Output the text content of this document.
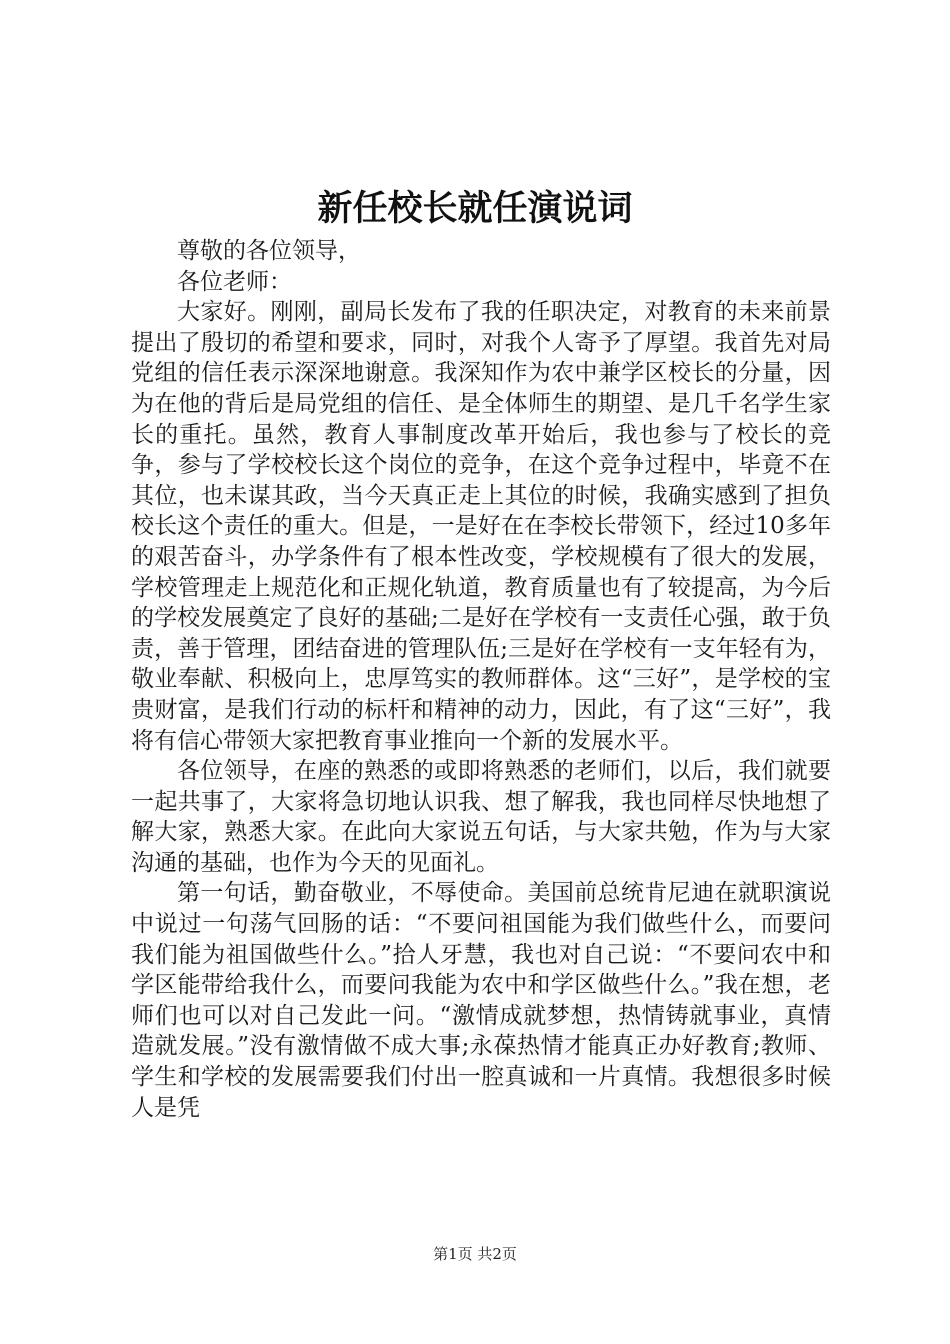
新任校长就任演说词

尊敬的各位领导，

各位老师：

大家好。刚刚，副局长发布了我的任职决定，对教育的未来前景提出了殷切的希望和要求，同时，对我个人寄予了厚望。我首先对局党组的信任表示深深地谢意。我深知作为农中兼学区校长的分量，因为在他的背后是局党组的信任、是全体师生的期望、是几千名学生家长的重托。虽然，教育人事制度改革开始后，我也参与了校长的竞争，参与了学校校长这个岗位的竞争，在这个竞争过程中，毕竟不在其位，也未谋其政，当今天真正走上其位的时候，我确实感到了担负校长这个责任的重大。但是，一是好在在李校长带领下，经过10多年的艰苦奋斗，办学条件有了根本性改变，学校规模有了很大的发展，学校管理走上规范化和正规化轨道，教育质量也有了较提高，为今后的学校发展奠定了良好的基础;二是好在学校有一支责任心强，敢于负责，善于管理，团结奋进的管理队伍;三是好在学校有一支年轻有为，敬业奉献、积极向上，忠厚笃实的教师群体。这“三好”，是学校的宝贵财富，是我们行动的标杆和精神的动力，因此，有了这“三好”，我将有信心带领大家把教育事业推向一个新的发展水平。

各位领导，在座的熟悉的或即将熟悉的老师们，以后，我们就要一起共事了，大家将急切地认识我、想了解我，我也同样尽快地想了解大家，熟悉大家。在此向大家说五句话，与大家共勉，作为与大家沟通的基础，也作为今天的见面礼。

第一句话，勤奋敬业，不辱使命。美国前总统肯尼迪在就职演说中说过一句荡气回肠的话：“不要问祖国能为我们做些什么，而要问我们能为祖国做些什么。”拾人牙慧，我也对自己说：“不要问农中和学区能带给我什么，而要问我能为农中和学区做些什么。”我在想，老师们也可以对自己发此一问。“激情成就梦想，热情铸就事业，真情造就发展。”没有激情做不成大事;永葆热情才能真正办好教育;教师、学生和学校的发展需要我们付出一腔真诚和一片真情。我想很多时候人是凭

第1页 共2页
